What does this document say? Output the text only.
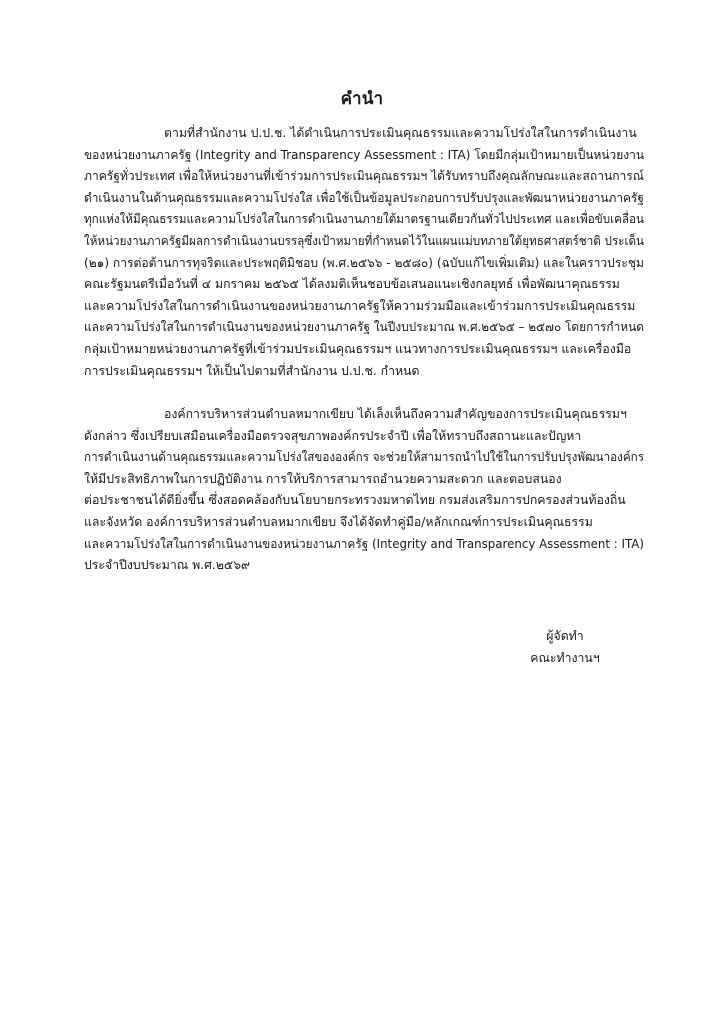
คำนำ
ตามที่สำนักงาน ป.ป.ช. ได้ดำเนินการประเมินคุณธรรมและความโปร่งใสในการดำเนินงาน
ของหน่วยงานภาครัฐ (Integrity and Transparency Assessment : ITA) โดยมีกลุ่มเป้าหมายเป็นหน่วยงาน
ภาครัฐทั่วประเทศ เพื่อให้หน่วยงานที่เข้าร่วมการประเมินคุณธรรมฯ ได้รับทราบถึงคุณลักษณะและสถานการณ์
ดำเนินงานในด้านคุณธรรมและความโปร่งใส เพื่อใช้เป็นข้อมูลประกอบการปรับปรุงและพัฒนาหน่วยงานภาครัฐ
ทุกแห่งให้มีคุณธรรมและความโปร่งใสในการดำเนินงานภายใต้มาตรฐานเดียวกันทั่วไปประเทศ และเพื่อขับเคลื่อน
ให้หน่วยงานภาครัฐมีผลการดำเนินงานบรรลุซึ่งเป้าหมายที่กำหนดไว้ในแผนแม่บทภายใต้ยุทธศาสตร์ชาติ ประเด็น
(๒๑) การต่อต้านการทุจริตและประพฤติมิชอบ (พ.ศ.๒๕๖๖ - ๒๕๘๐) (ฉบับแก้ไขเพิ่มเติม) และในคราวประชุม
คณะรัฐมนตรีเมื่อวันที่ ๔ มกราคม ๒๕๖๕ ได้ลงมติเห็นชอบข้อเสนอแนะเชิงกลยุทธ์ เพื่อพัฒนาคุณธรรม
และความโปร่งใสในการดำเนินงานของหน่วยงานภาครัฐให้ความร่วมมือและเข้าร่วมการประเมินคุณธรรม
และความโปร่งใสในการดำเนินงานของหน่วยงานภาครัฐ ในปีงบประมาณ พ.ศ.๒๕๖๕ – ๒๕๗๐ โดยการกำหนด
กลุ่มเป้าหมายหน่วยงานภาครัฐที่เข้าร่วมประเมินคุณธรรมฯ แนวทางการประเมินคุณธรรมฯ และเครื่องมือ
การประเมินคุณธรรมฯ ให้เป็นไปตามที่สำนักงาน ป.ป.ช. กำหนด
องค์การบริหารส่วนตำบลหมากเขียบ ได้เล็งเห็นถึงความสำคัญของการประเมินคุณธรรมฯ
ดังกล่าว ซึ่งเปรียบเสมือนเครื่องมือตรวจสุขภาพองค์กรประจำปี เพื่อให้ทราบถึงสถานะและปัญหา
การดำเนินงานด้านคุณธรรมและความโปร่งใสขององค์กร จะช่วยให้สามารถนำไปใช้ในการปรับปรุงพัฒนาองค์กร
ให้มีประสิทธิภาพในการปฏิบัติงาน การให้บริการสามารถอำนวยความสะดวก และตอบสนอง
ต่อประชาชนได้ดียิ่งขึ้น ซึ่งสอดคล้องกับนโยบายกระทรวงมหาดไทย กรมส่งเสริมการปกครองส่วนท้องถิ่น
และจังหวัด องค์การบริหารส่วนตำบลหมากเขียบ จึงได้จัดทำคู่มือ/หลักเกณฑ์การประเมินคุณธรรม
และความโปร่งใสในการดำเนินงานของหน่วยงานภาครัฐ (Integrity and Transparency Assessment : ITA)
ประจำปีงบประมาณ พ.ศ.๒๕๖๙
ผู้จัดทำ
คณะทำงานฯ
